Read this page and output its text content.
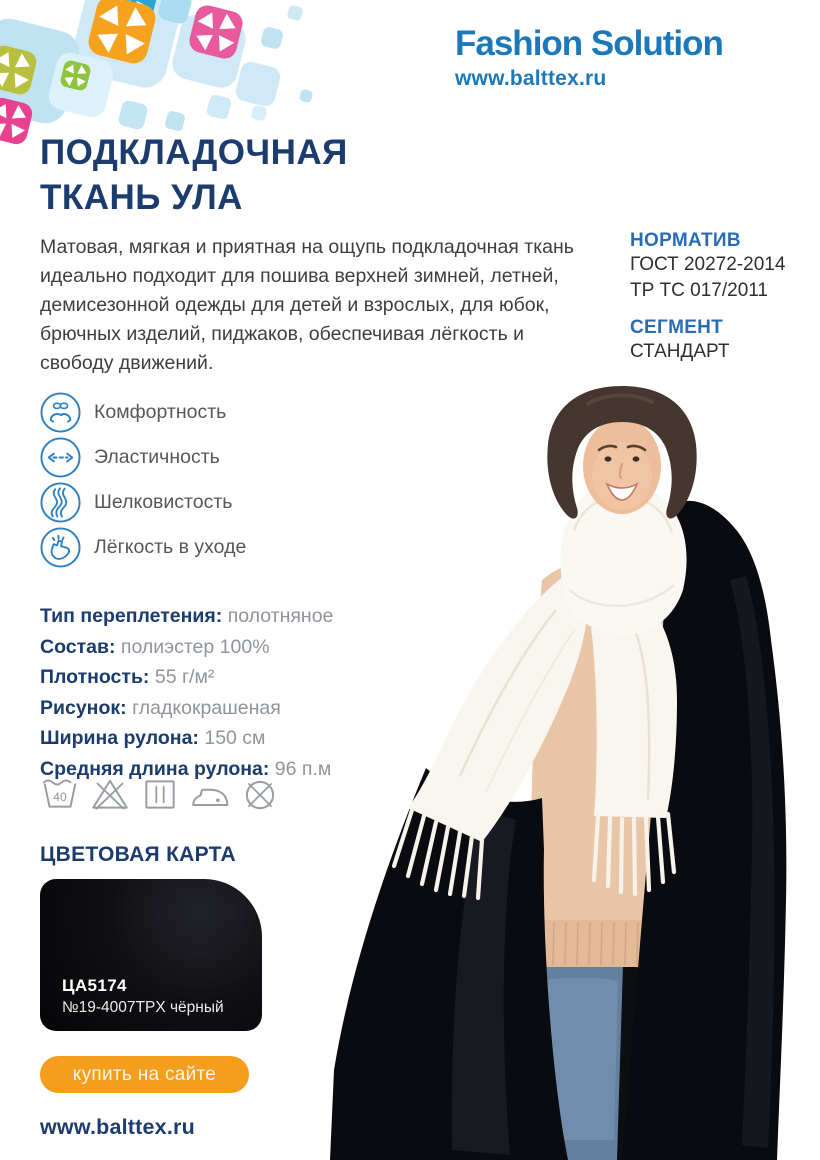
Fashion Solution
www.balttex.ru
ПОДКЛАДОЧНАЯ
ТКАНЬ УЛА

Матовая, мягкая и приятная на ощупь подкладочная ткань идеально подходит для пошива верхней зимней, летней, демисезонной одежды для детей и взрослых, для юбок, брючных изделий, пиджаков, обеспечивая лёгкость и свободу движений.

НОРМАТИВ
ГОСТ 20272-2014
ТР ТС 017/2011
СЕГМЕНТ
СТАНДАРТ
Комфортность
Эластичность
Шелковистость
Лёгкость в уходе
Тип переплетения: полотняное
Состав: полиэстер 100%
Плотность: 55 г/м²
Рисунок: гладкокрашеная
Ширина рулона: 150 см
Средняя длина рулона: 96 п.м
40
ЦВЕТОВАЯ КАРТА
ЦА5174
№19-4007TPX чёрный
купить на сайте
www.balttex.ru
